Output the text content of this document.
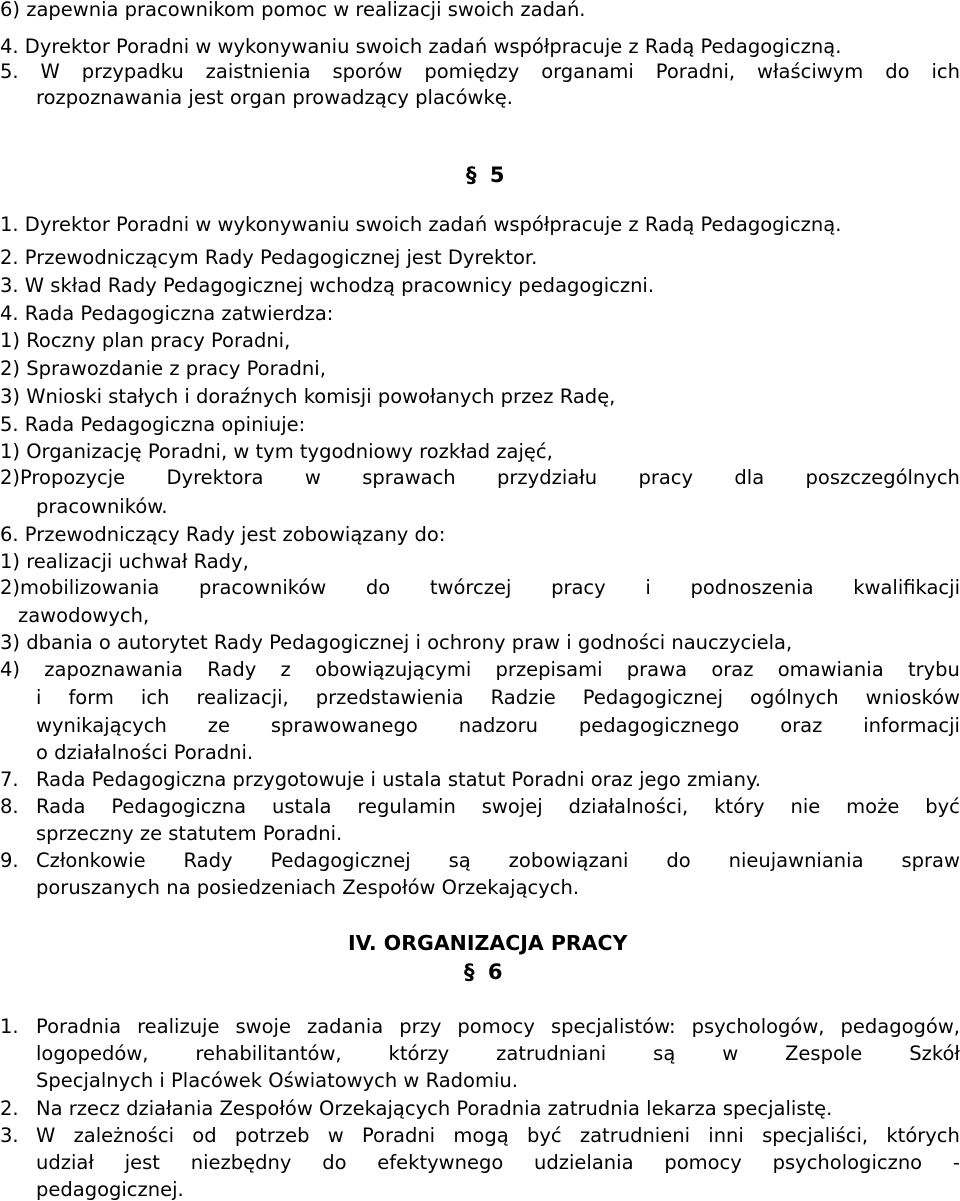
6) zapewnia pracownikom pomoc w realizacji swoich zadań.
4. Dyrektor Poradni w wykonywaniu swoich zadań współpracuje z Radą Pedagogiczną.
5. W przypadku zaistnienia sporów pomiędzy organami Poradni, właściwym do ich
rozpoznawania jest organ prowadzący placówkę.
§ 5
1. Dyrektor Poradni w wykonywaniu swoich zadań współpracuje z Radą Pedagogiczną.
2. Przewodniczącym Rady Pedagogicznej jest Dyrektor.
3. W skład Rady Pedagogicznej wchodzą pracownicy pedagogiczni.
4. Rada Pedagogiczna zatwierdza:
1) Roczny plan pracy Poradni,
2) Sprawozdanie z pracy Poradni,
3) Wnioski stałych i doraźnych komisji powołanych przez Radę,
5. Rada Pedagogiczna opiniuje:
1) Organizację Poradni, w tym tygodniowy rozkład zajęć,
2)Propozycje Dyrektora w sprawach przydziału pracy dla poszczególnych
pracowników.
6. Przewodniczący Rady jest zobowiązany do:
1) realizacji uchwał Rady,
2)mobilizowania pracowników do twórczej pracy i podnoszenia kwalifikacji
zawodowych,
3) dbania o autorytet Rady Pedagogicznej i ochrony praw i godności nauczyciela,
4) zapoznawania Rady z obowiązującymi przepisami prawa oraz omawiania trybu
i form ich realizacji, przedstawienia Radzie Pedagogicznej ogólnych wniosków
wynikających ze sprawowanego nadzoru pedagogicznego oraz informacji
o działalności Poradni.
7. Rada Pedagogiczna przygotowuje i ustala statut Poradni oraz jego zmiany.
8. Rada Pedagogiczna ustala regulamin swojej działalności, który nie może być
sprzeczny ze statutem Poradni.
9. Członkowie Rady Pedagogicznej są zobowiązani do nieujawniania spraw
poruszanych na posiedzeniach Zespołów Orzekających.
IV. ORGANIZACJA PRACY
§ 6
1. Poradnia realizuje swoje zadania przy pomocy specjalistów: psychologów, pedagogów,
logopedów, rehabilitantów, którzy zatrudniani są w Zespole Szkół
Specjalnych i Placówek Oświatowych w Radomiu.
2. Na rzecz działania Zespołów Orzekających Poradnia zatrudnia lekarza specjalistę.
3. W zależności od potrzeb w Poradni mogą być zatrudnieni inni specjaliści, których
udział jest niezbędny do efektywnego udzielania pomocy psychologiczno -
pedagogicznej.
